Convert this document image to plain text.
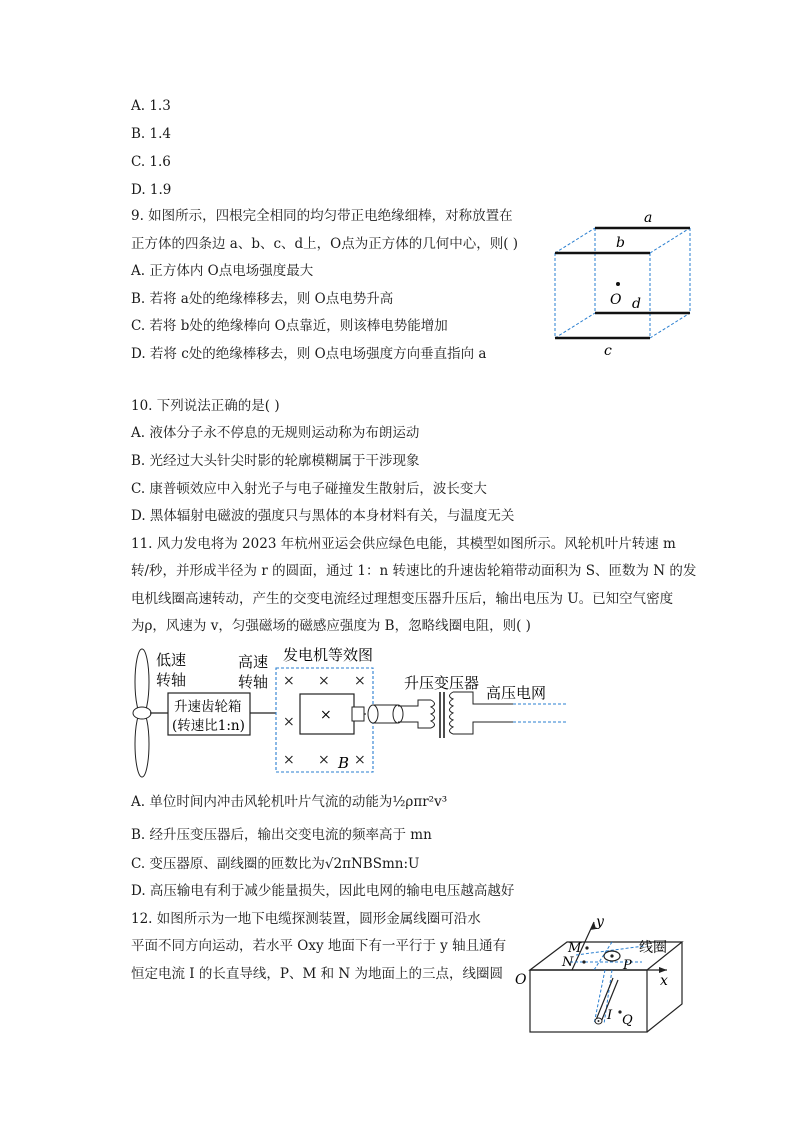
A. 1.3
B. 1.4
C. 1.6
D. 1.9
9. 如图所示，四根完全相同的均匀带正电绝缘细棒，对称放置在
正方体的四条边 a、b、c、d上，O点为正方体的几何中心，则( )
A. 正方体内 O点电场强度最大
B. 若将 a处的绝缘棒移去，则 O点电势升高
C. 若将 b处的绝缘棒向 O点靠近，则该棒电势能增加
D. 若将 c处的绝缘棒移去，则 O点电场强度方向垂直指向 a
a
b
O d
c
10. 下列说法正确的是( )
A. 液体分子永不停息的无规则运动称为布朗运动
B. 光经过大头针尖时影的轮廓模糊属于干涉现象
C. 康普顿效应中入射光子与电子碰撞发生散射后，波长变大
D. 黑体辐射电磁波的强度只与黑体的本身材料有关，与温度无关
11. 风力发电将为 2023 年杭州亚运会供应绿色电能，其模型如图所示。风轮机叶片转速 m
转/秒，并形成半径为 r 的圆面，通过 1：n 转速比的升速齿轮箱带动面积为 S、匝数为 N 的发
电机线圈高速转动，产生的交变电流经过理想变压器升压后，输出电压为 U。已知空气密度
为ρ，风速为 v，匀强磁场的磁感应强度为 B，忽略线圈电阻，则( )
低速
转轴
升速齿轮箱
(转速比1:n)
高速
转轴
发电机等效图
× × ×
×
× × ×
×
B
升压变压器
高压电网
A. 单位时间内冲击风轮机叶片气流的动能为½ρπr²v³
B. 经升压变压器后，输出交变电流的频率高于 mn
C. 变压器原、副线圈的匝数比为√2πNBSmn:U
D. 高压输电有利于减少能量损失，因此电网的输电电压越高越好
12. 如图所示为一地下电缆探测装置，圆形金属线圈可沿水
平面不同方向运动，若水平 Oxy 地面下有一平行于 y 轴且通有
恒定电流 I 的长直导线，P、M 和 N 为地面上的三点，线圈圆
y
x
O
M
N	P
线圈
I Q
